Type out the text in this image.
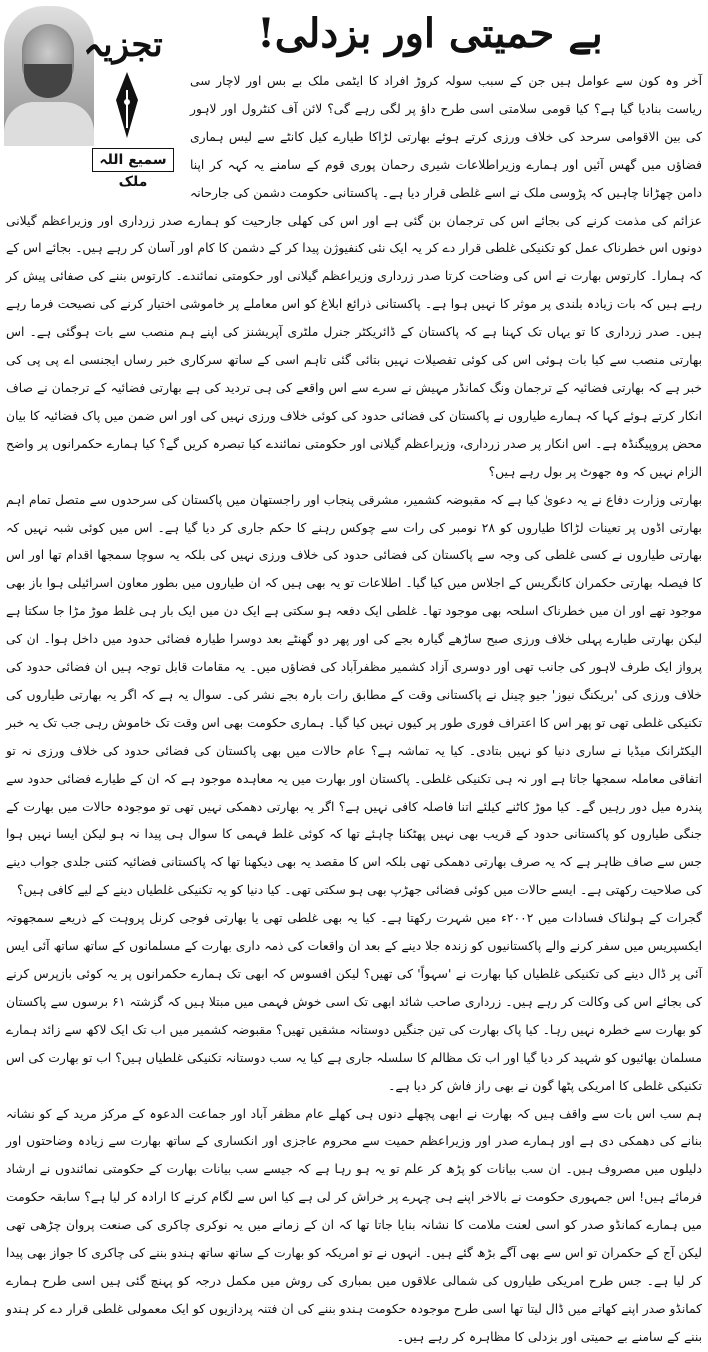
تجزیہ
سمیع اللہ ملک
بے حمیتی اور بزدلی!

آخر وہ کون سے عوامل ہیں جن کے سبب سولہ کروڑ افراد کا ایٹمی ملک بے بس اور لاچار سی ریاست بنادیا گیا ہے؟ کیا قومی سلامتی اسی طرح داؤ پر لگی رہے گی؟ لائن آف کنٹرول اور لاہور کی بین الاقوامی سرحد کی خلاف ورزی کرتے ہوئے بھارتی لڑاکا طیارے کیل کانٹے سے لیس ہماری فضاؤں میں گھس آئیں اور ہمارے وزیراطلاعات شیری رحمان پوری قوم کے سامنے یہ کہہ کر اپنا دامن چھڑانا چاہیں کہ پڑوسی ملک نے اسے غلطی قرار دیا ہے۔ پاکستانی حکومت دشمن کی جارحانہ عزائم کی مذمت کرنے کی بجائے اس کی ترجمان بن گئی ہے اور اس کی کھلی جارحیت کو ہمارے صدر زرداری اور وزیراعظم گیلانی دونوں اس خطرناک عمل کو تکنیکی غلطی قرار دے کر یہ ایک نئی کنفیوژن پیدا کر کے دشمن کا کام اور آسان کر رہے ہیں۔ بجائے اس کے کہ ہمارا۔ کارتوس بھارت نے اس کی وضاحت کرتا صدر زرداری وزیراعظم گیلانی اور حکومتی نمائندے۔ کارتوس بننے کی صفائی پیش کر رہے ہیں کہ بات زیادہ بلندی پر موثر کا نہیں ہوا ہے۔ پاکستانی ذرائع ابلاغ کو اس معاملے پر خاموشی اختیار کرنے کی نصیحت فرما رہے ہیں۔ صدر زرداری کا تو یہاں تک کہنا ہے کہ پاکستان کے ڈائریکٹر جنرل ملٹری آپریشنز کی اپنے ہم منصب سے بات ہوگئی ہے۔ اس بھارتی منصب سے کیا بات ہوئی اس کی کوئی تفصیلات نہیں بتائی گئی تاہم اسی کے ساتھ سرکاری خبر رساں ایجنسی اے پی پی کی خبر ہے کہ بھارتی فضائیہ کے ترجمان ونگ کمانڈر مہیش نے سرے سے اس واقعے کی ہی تردید کی ہے بھارتی فضائیہ کے ترجمان نے صاف انکار کرتے ہوئے کہا کہ ہمارے طیاروں نے پاکستان کی فضائی حدود کی کوئی خلاف ورزی نہیں کی اور اس ضمن میں پاک فضائیہ کا بیان محض پروپیگنڈہ ہے۔ اس انکار پر صدر زرداری، وزیراعظم گیلانی اور حکومتی نمائندے کیا تبصرہ کریں گے؟ کیا ہمارے حکمرانوں پر واضح الزام نہیں کہ وہ جھوٹ پر بول رہے ہیں؟

بھارتی وزارت دفاع نے یہ دعویٰ کیا ہے کہ مقبوضہ کشمیر، مشرقی پنجاب اور راجستھان میں پاکستان کی سرحدوں سے متصل تمام اہم بھارتی اڈوں پر تعینات لڑاکا طیاروں کو ۲۸ نومبر کی رات سے چوکس رہنے کا حکم جاری کر دیا گیا ہے۔ اس میں کوئی شبہ نہیں کہ بھارتی طیاروں نے کسی غلطی کی وجہ سے پاکستان کی فضائی حدود کی خلاف ورزی نہیں کی بلکہ یہ سوچا سمجھا اقدام تھا اور اس کا فیصلہ بھارتی حکمران کانگریس کے اجلاس میں کیا گیا۔ اطلاعات تو یہ بھی ہیں کہ ان طیاروں میں بطور معاون اسرائیلی ہوا باز بھی موجود تھے اور ان میں خطرناک اسلحہ بھی موجود تھا۔ غلطی ایک دفعہ ہو سکتی ہے ایک دن میں ایک بار ہی غلط موڑ مڑا جا سکتا ہے لیکن بھارتی طیارے پہلی خلاف ورزی صبح ساڑھے گیارہ بجے کی اور پھر دو گھنٹے بعد دوسرا طیارہ فضائی حدود میں داخل ہوا۔ ان کی پرواز ایک طرف لاہور کی جانب تھی اور دوسری آزاد کشمیر مظفرآباد کی فضاؤں میں۔ یہ مقامات قابل توجہ ہیں ان فضائی حدود کی خلاف ورزی کی 'بریکنگ نیوز' جیو چینل نے پاکستانی وقت کے مطابق رات بارہ بجے نشر کی۔ سوال یہ ہے کہ اگر یہ بھارتی طیاروں کی تکنیکی غلطی تھی تو پھر اس کا اعتراف فوری طور پر کیوں نہیں کیا گیا۔ ہماری حکومت بھی اس وقت تک خاموش رہی جب تک یہ خبر الیکٹرانک میڈیا نے ساری دنیا کو نہیں بتادی۔ کیا یہ تماشہ ہے؟ عام حالات میں بھی پاکستان کی فضائی حدود کی خلاف ورزی نہ تو اتفاقی معاملہ سمجھا جاتا ہے اور نہ ہی تکنیکی غلطی۔ پاکستان اور بھارت میں یہ معاہدہ موجود ہے کہ ان کے طیارے فضائی حدود سے پندرہ میل دور رہیں گے۔ کیا موڑ کاٹنے کیلئے اتنا فاصلہ کافی نہیں ہے؟ اگر یہ بھارتی دھمکی نہیں تھی تو موجودہ حالات میں بھارت کے جنگی طیاروں کو پاکستانی حدود کے قریب بھی نہیں پھٹکنا چاہئے تھا کہ کوئی غلط فہمی کا سوال ہی پیدا نہ ہو لیکن ایسا نہیں ہوا جس سے صاف ظاہر ہے کہ یہ صرف بھارتی دھمکی تھی بلکہ اس کا مقصد یہ بھی دیکھنا تھا کہ پاکستانی فضائیہ کتنی جلدی جواب دینے کی صلاحیت رکھتی ہے۔ ایسے حالات میں کوئی فضائی جھڑپ بھی ہو سکتی تھی۔ کیا دنیا کو یہ تکنیکی غلطیاں دینے کے لیے کافی ہیں؟

گجرات کے ہولناک فسادات میں ۲۰۰۲ء میں شہرت رکھتا ہے۔ کیا یہ بھی غلطی تھی یا بھارتی فوجی کرنل پروہت کے ذریعے سمجھوتہ ایکسپریس میں سفر کرنے والے پاکستانیوں کو زندہ جلا دینے کے بعد ان واقعات کی ذمہ داری بھارت کے مسلمانوں کے ساتھ ساتھ آئی ایس آئی پر ڈال دینے کی تکنیکی غلطیاں کیا بھارت نے 'سہواً' کی تھیں؟ لیکن افسوس کہ ابھی تک ہمارے حکمرانوں پر یہ کوئی بازپرس کرنے کی بجائے اس کی وکالت کر رہے ہیں۔ زرداری صاحب شائد ابھی تک اسی خوش فہمی میں مبتلا ہیں کہ گزشتہ ۶۱ برسوں سے پاکستان کو بھارت سے خطرہ نہیں رہا۔ کیا پاک بھارت کی تین جنگیں دوستانہ مشقیں تھیں؟ مقبوضہ کشمیر میں اب تک ایک لاکھ سے زائد ہمارے مسلمان بھائیوں کو شہید کر دیا گیا اور اب تک مظالم کا سلسلہ جاری ہے کیا یہ سب دوستانہ تکنیکی غلطیاں ہیں؟ اب تو بھارت کی اس تکنیکی غلطی کا امریکی پٹھا گون نے بھی راز فاش کر دیا ہے۔

ہم سب اس بات سے واقف ہیں کہ بھارت نے ابھی پچھلے دنوں ہی کھلے عام مظفر آباد اور جماعت الدعوہ کے مرکز مرید کے کو نشانہ بنانے کی دھمکی دی ہے اور ہمارے صدر اور وزیراعظم حمیت سے محروم عاجزی اور انکساری کے ساتھ بھارت سے زیادہ وضاحتوں اور دلیلوں میں مصروف ہیں۔ ان سب بیانات کو پڑھ کر علم تو یہ ہو رہا ہے کہ جیسے سب بیانات بھارت کے حکومتی نمائندوں نے ارشاد فرمائے ہیں! اس جمہوری حکومت نے بالاخر اپنے ہی چہرے پر خراش کر لی ہے کیا اس سے لگام کرنے کا ارادہ کر لیا ہے؟ سابقہ حکومت میں ہمارے کمانڈو صدر کو اسی لعنت ملامت کا نشانہ بنایا جاتا تھا کہ ان کے زمانے میں یہ نوکری چاکری کی صنعت پروان چڑھی تھی لیکن آج کے حکمران تو اس سے بھی آگے بڑھ گئے ہیں۔ انہوں نے تو امریکہ کو بھارت کے ساتھ ساتھ ہندو بننے کی چاکری کا جواز بھی پیدا کر لیا ہے۔ جس طرح امریکی طیاروں کی شمالی علاقوں میں بمباری کی روش میں مکمل درجہ کو پہنچ گئی ہیں اسی طرح ہمارے کمانڈو صدر اپنے کھاتے میں ڈال لیتا تھا اسی طرح موجودہ حکومت ہندو بننے کی ان فتنہ پردازیوں کو ایک معمولی غلطی قرار دے کر ہندو بننے کے سامنے بے حمیتی اور بزدلی کا مظاہرہ کر رہے ہیں۔
